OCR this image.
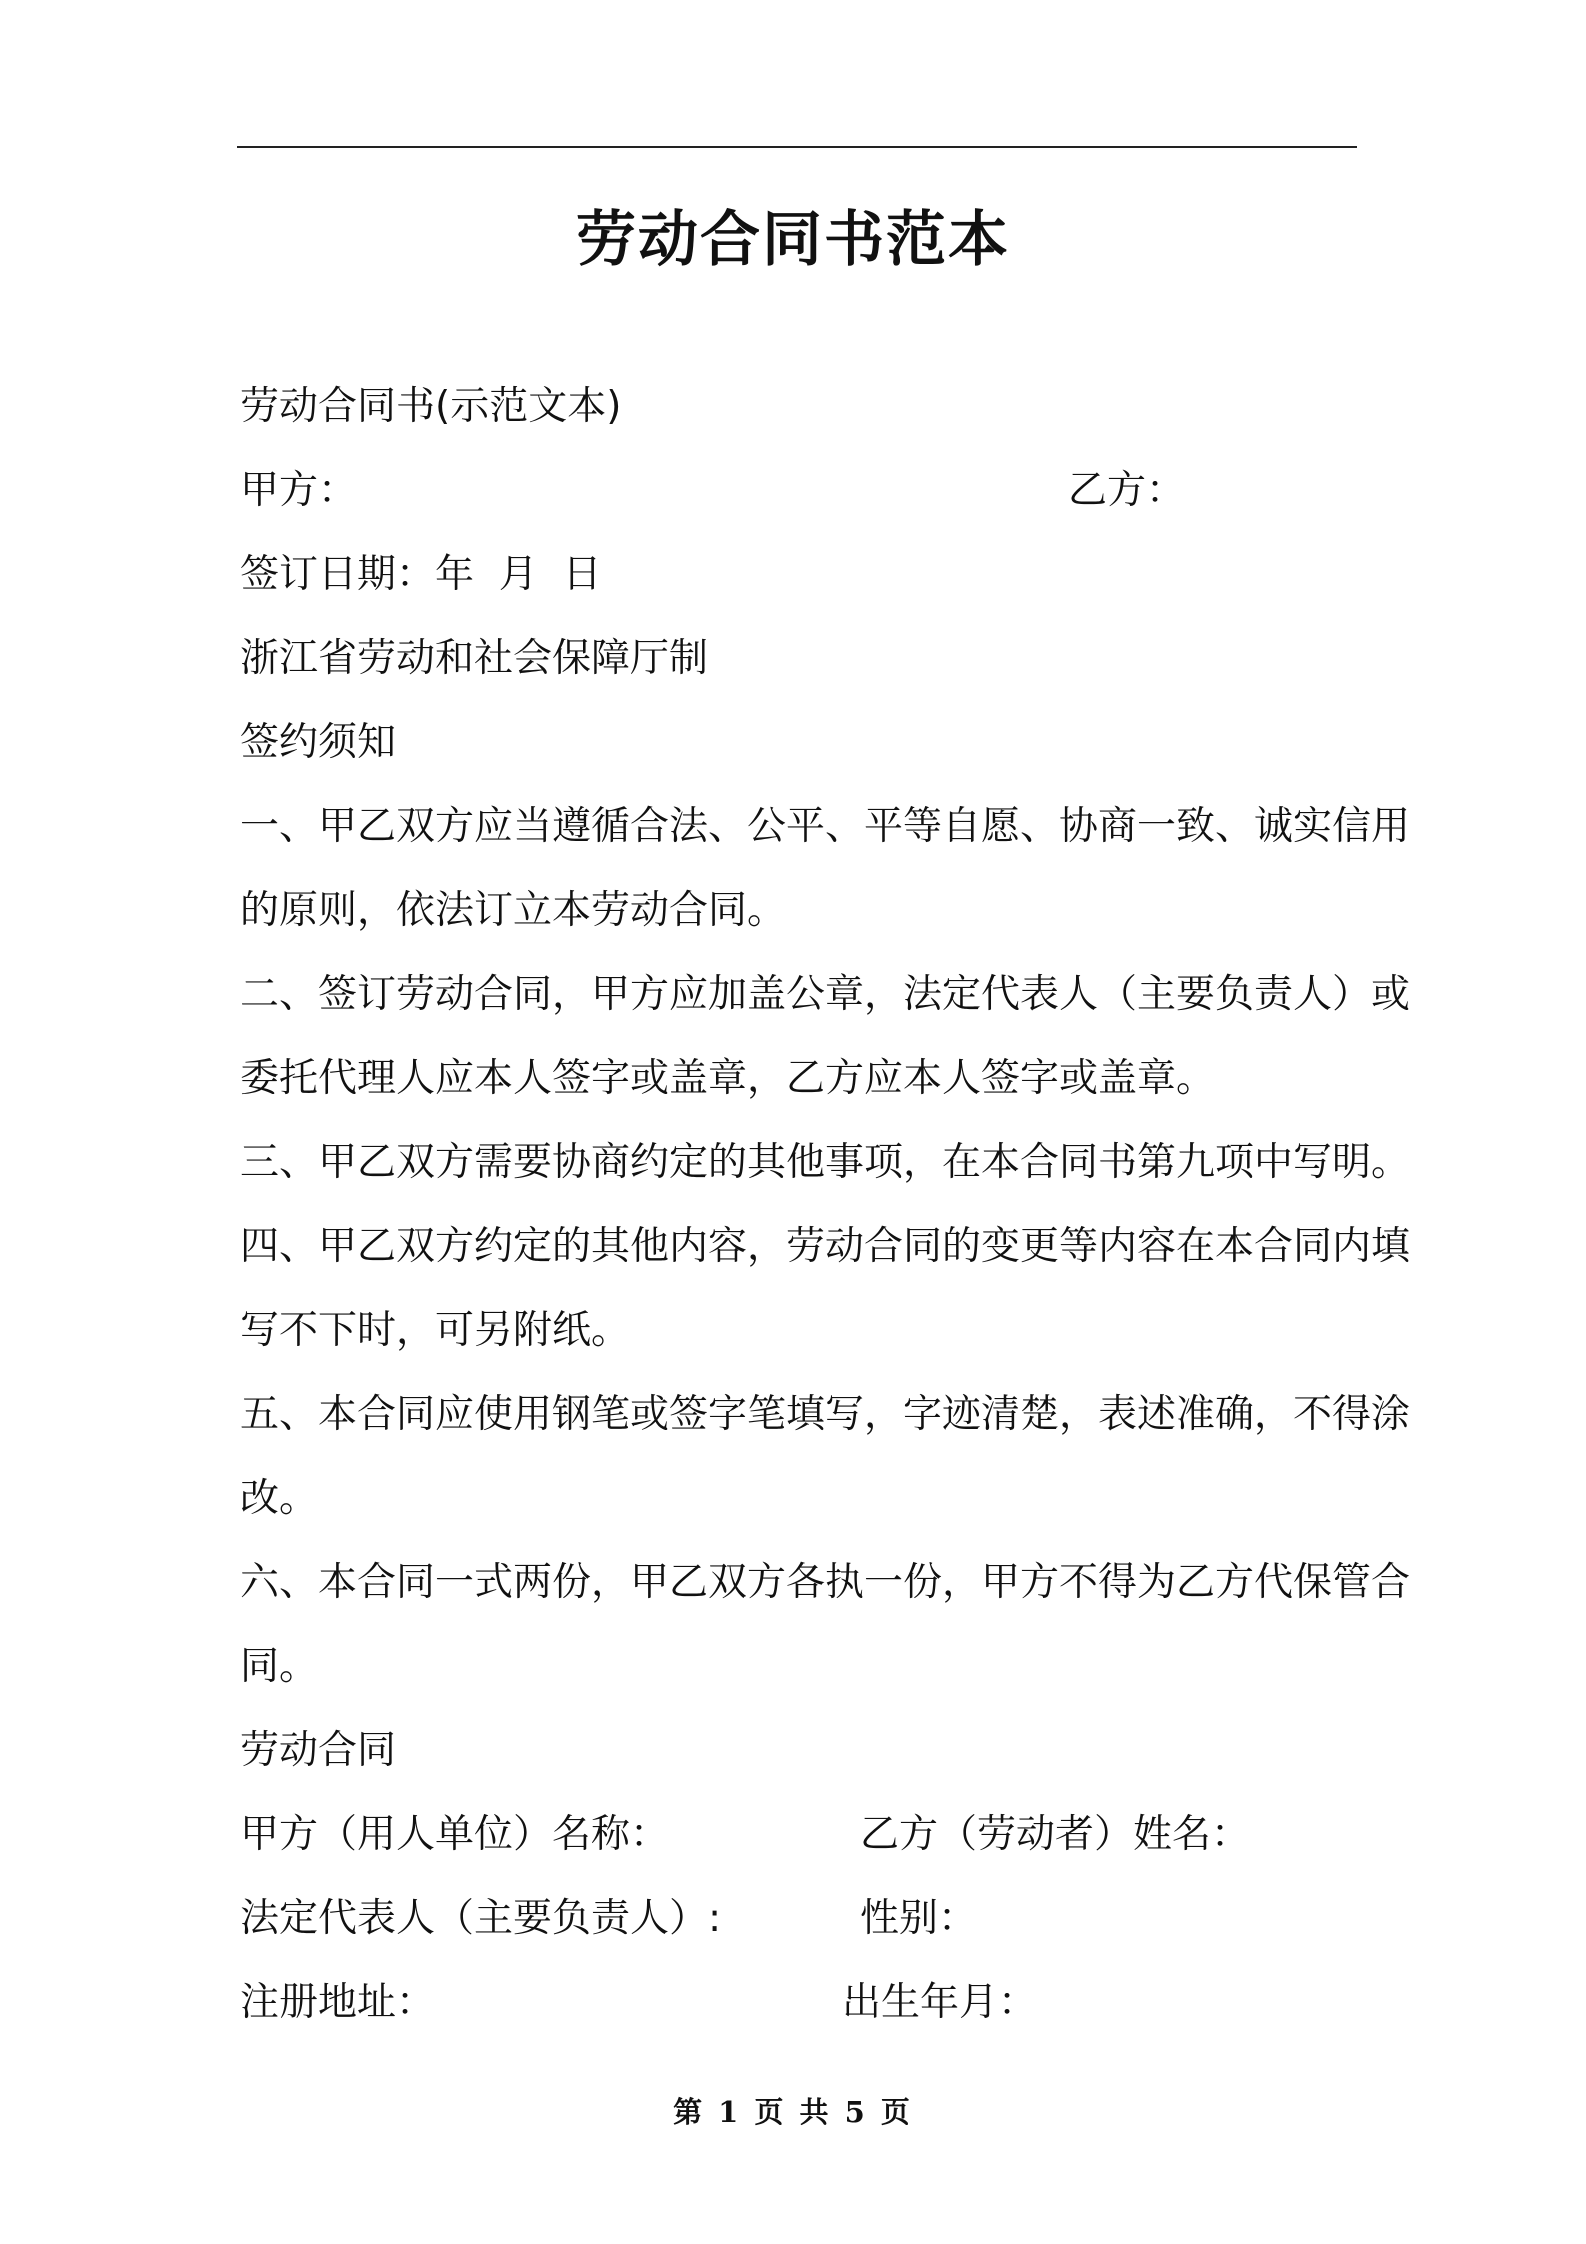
劳动合同书范本
劳动合同书(示范文本)
甲方：	乙方：
签订日期：年  月  日
浙江省劳动和社会保障厅制
签约须知
一、甲乙双方应当遵循合法、公平、平等自愿、协商一致、诚实信用
的原则，依法订立本劳动合同。
二、签订劳动合同，甲方应加盖公章，法定代表人（主要负责人）或
委托代理人应本人签字或盖章，乙方应本人签字或盖章。
三、甲乙双方需要协商约定的其他事项，在本合同书第九项中写明。
四、甲乙双方约定的其他内容，劳动合同的变更等内容在本合同内填
写不下时，可另附纸。
五、本合同应使用钢笔或签字笔填写，字迹清楚，表述准确，不得涂
改。
六、本合同一式两份，甲乙双方各执一份，甲方不得为乙方代保管合
同。
劳动合同
甲方（用人单位）名称：	乙方（劳动者）姓名：
法定代表人（主要负责人）:	性别：
注册地址：	出生年月：
第 1 页 共 5 页
